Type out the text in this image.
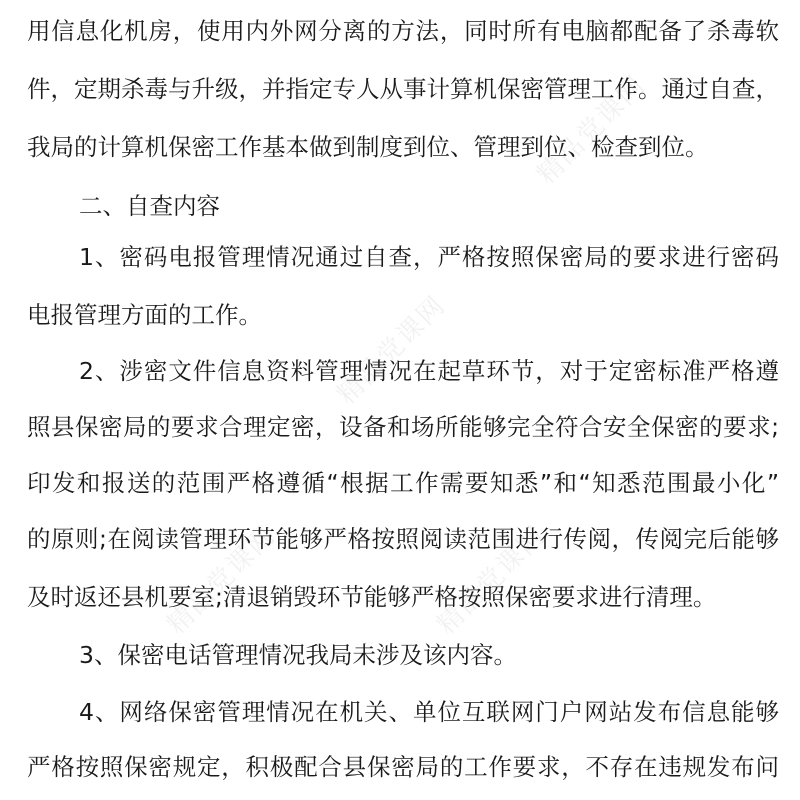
精品党课网
精品党课网
精品党课网	精品党课网
用信息化机房，使用内外网分离的方法，同时所有电脑都配备了杀毒软
件，定期杀毒与升级，并指定专人从事计算机保密管理工作。通过自查，
我局的计算机保密工作基本做到制度到位、管理到位、检查到位。
二、自查内容
1、密码电报管理情况通过自查，严格按照保密局的要求进行密码
电报管理方面的工作。
2、涉密文件信息资料管理情况在起草环节，对于定密标准严格遵
照县保密局的要求合理定密，设备和场所能够完全符合安全保密的要求;
印发和报送的范围严格遵循“根据工作需要知悉”和“知悉范围最小化”
的原则;在阅读管理环节能够严格按照阅读范围进行传阅，传阅完后能够
及时返还县机要室;清退销毁环节能够严格按照保密要求进行清理。
3、保密电话管理情况我局未涉及该内容。
4、网络保密管理情况在机关、单位互联网门户网站发布信息能够
严格按照保密规定，积极配合县保密局的工作要求，不存在违规发布问
